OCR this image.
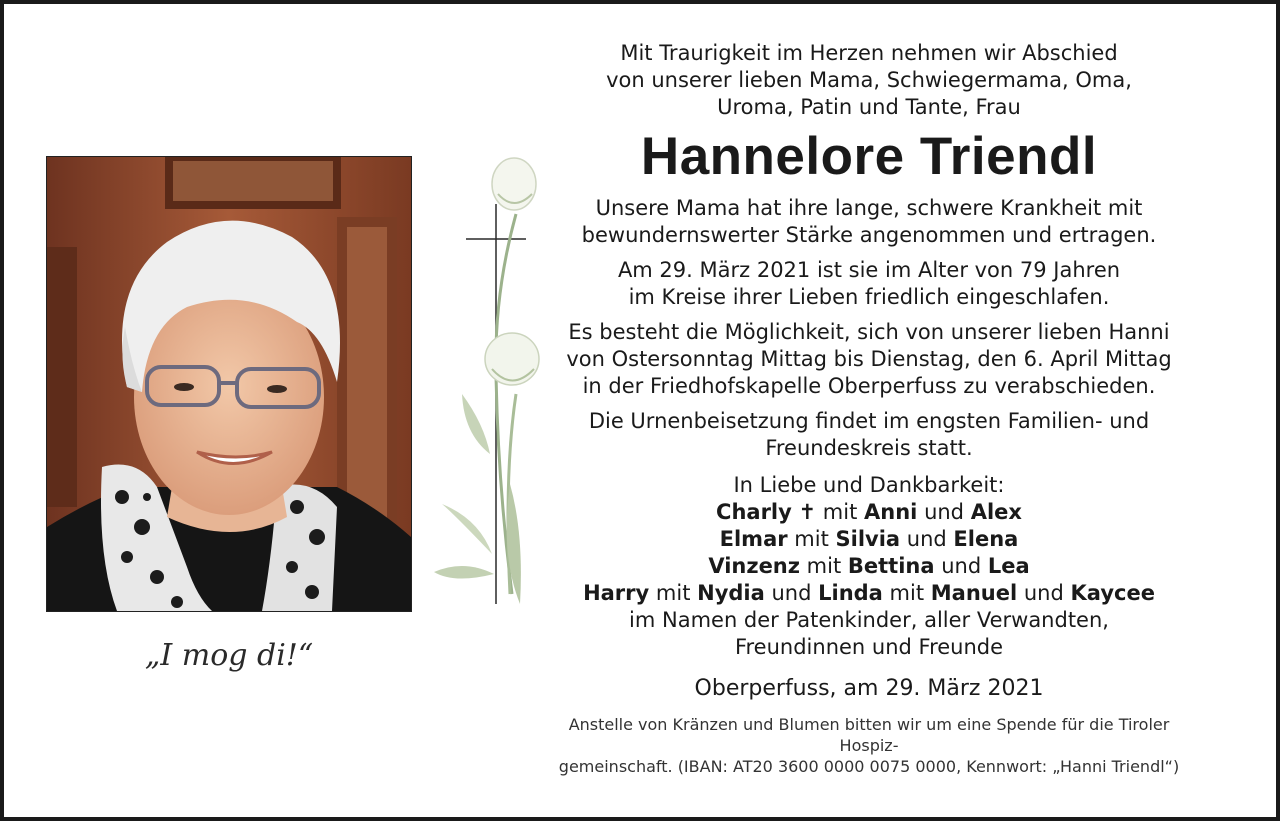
„I mog di!“

Mit Traurigkeit im Herzen nehmen wir Abschied

von unserer lieben Mama, Schwiegermama, Oma,

Uroma, Patin und Tante, Frau

Hannelore Triendl
Unsere Mama hat ihre lange, schwere Krankheit mit
bewundernswerter Stärke angenommen und ertragen.
Am 29. März 2021 ist sie im Alter von 79 Jahren
im Kreise ihrer Lieben friedlich eingeschlafen.
Es besteht die Möglichkeit, sich von unserer lieben Hanni
von Ostersonntag Mittag bis Dienstag, den 6. April Mittag
in der Friedhofskapelle Oberperfuss zu verabschieden.
Die Urnenbeisetzung findet im engsten Familien- und
Freundeskreis statt.
In Liebe und Dankbarkeit:
Charly ✝ mit Anni und Alex
Elmar mit Silvia und Elena
Vinzenz mit Bettina und Lea
Harry mit Nydia und Linda mit Manuel und Kaycee
im Namen der Patenkinder, aller Verwandten,
Freundinnen und Freunde
Oberperfuss, am 29. März 2021
Anstelle von Kränzen und Blumen bitten wir um eine Spende für die Tiroler Hospiz-
gemeinschaft. (IBAN: AT20 3600 0000 0075 0000, Kennwort: „Hanni Triendl“)
